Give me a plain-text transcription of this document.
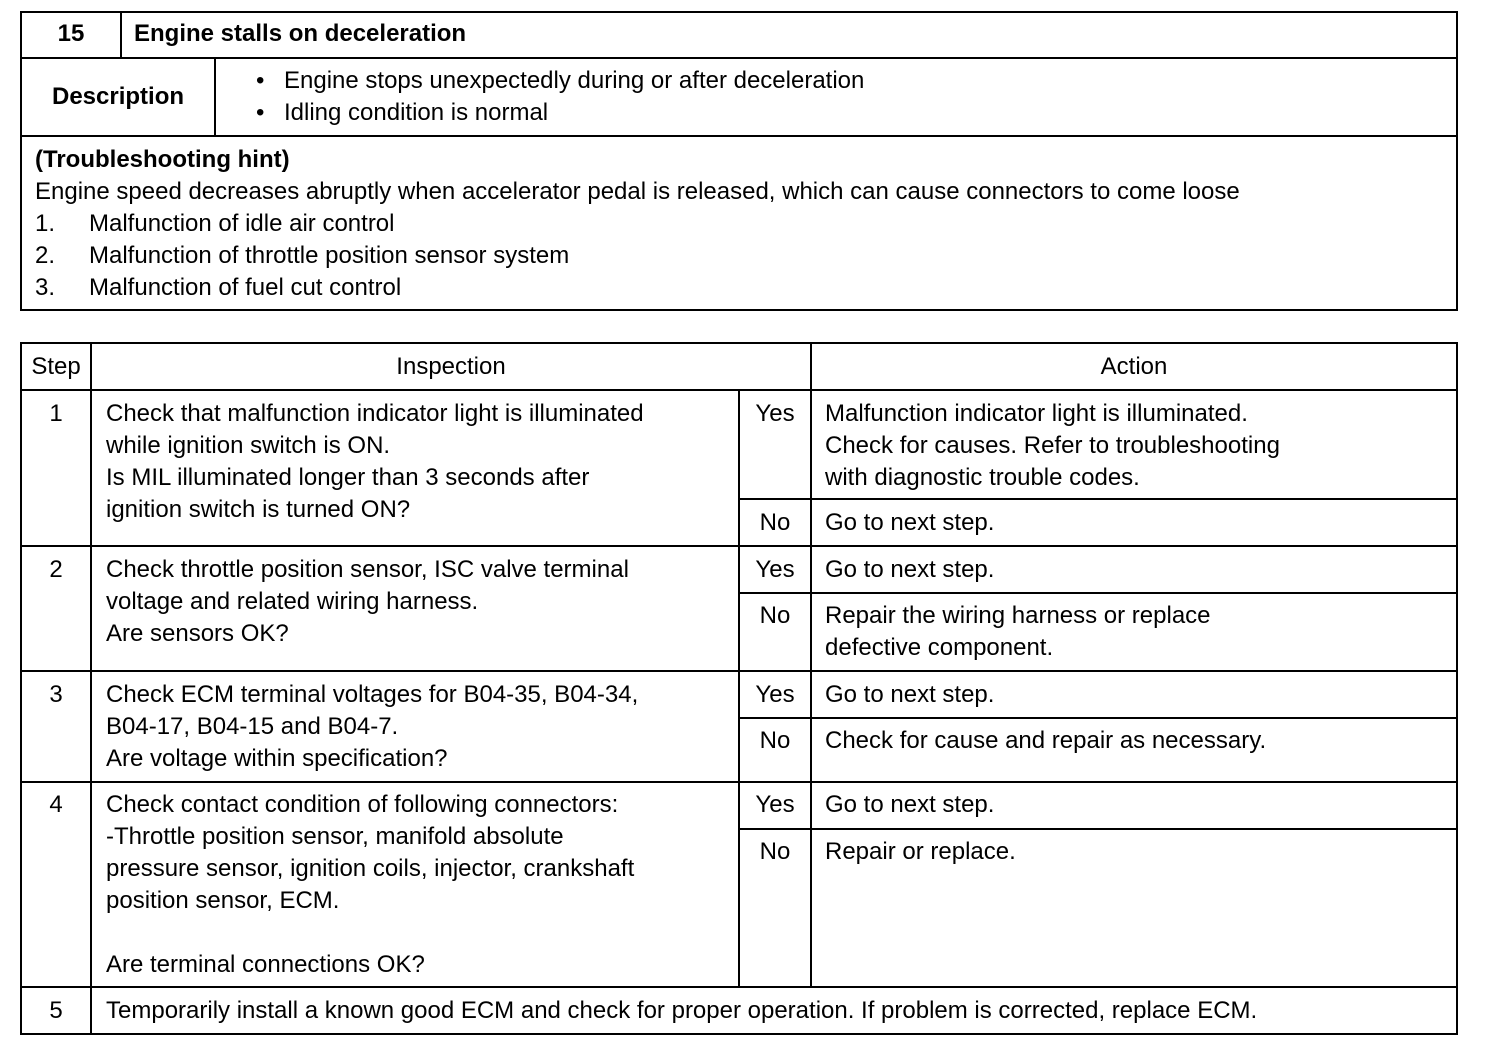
15	Engine stalls on deceleration
Description
• Engine stops unexpectedly during or after deceleration
• Idling condition is normal
(Troubleshooting hint)
Engine speed decreases abruptly when accelerator pedal is released, which can cause connectors to come loose
1. Malfunction of idle air control
2. Malfunction of throttle position sensor system
3. Malfunction of fuel cut control
Step	Inspection	Action
1	Check that malfunction indicator light is illuminated
while ignition switch is ON.
Is MIL illuminated longer than 3 seconds after
ignition switch is turned ON?
Yes	Malfunction indicator light is illuminated.
Check for causes. Refer to troubleshooting
with diagnostic trouble codes.
No	Go to next step.
2	Check throttle position sensor, ISC valve terminal
voltage and related wiring harness.
Are sensors OK?
Yes	Go to next step.
No	Repair the wiring harness or replace
defective component.
3	Check ECM terminal voltages for B04-35, B04-34,
B04-17, B04-15 and B04-7.
Are voltage within specification?
Yes	Go to next step.
No	Check for cause and repair as necessary.
4	Check contact condition of following connectors:
-Throttle position sensor, manifold absolute
pressure sensor, ignition coils, injector, crankshaft
position sensor, ECM.

Are terminal connections OK?
Yes	Go to next step.
No	Repair or replace.
5	Temporarily install a known good ECM and check for proper operation. If problem is corrected, replace ECM.
